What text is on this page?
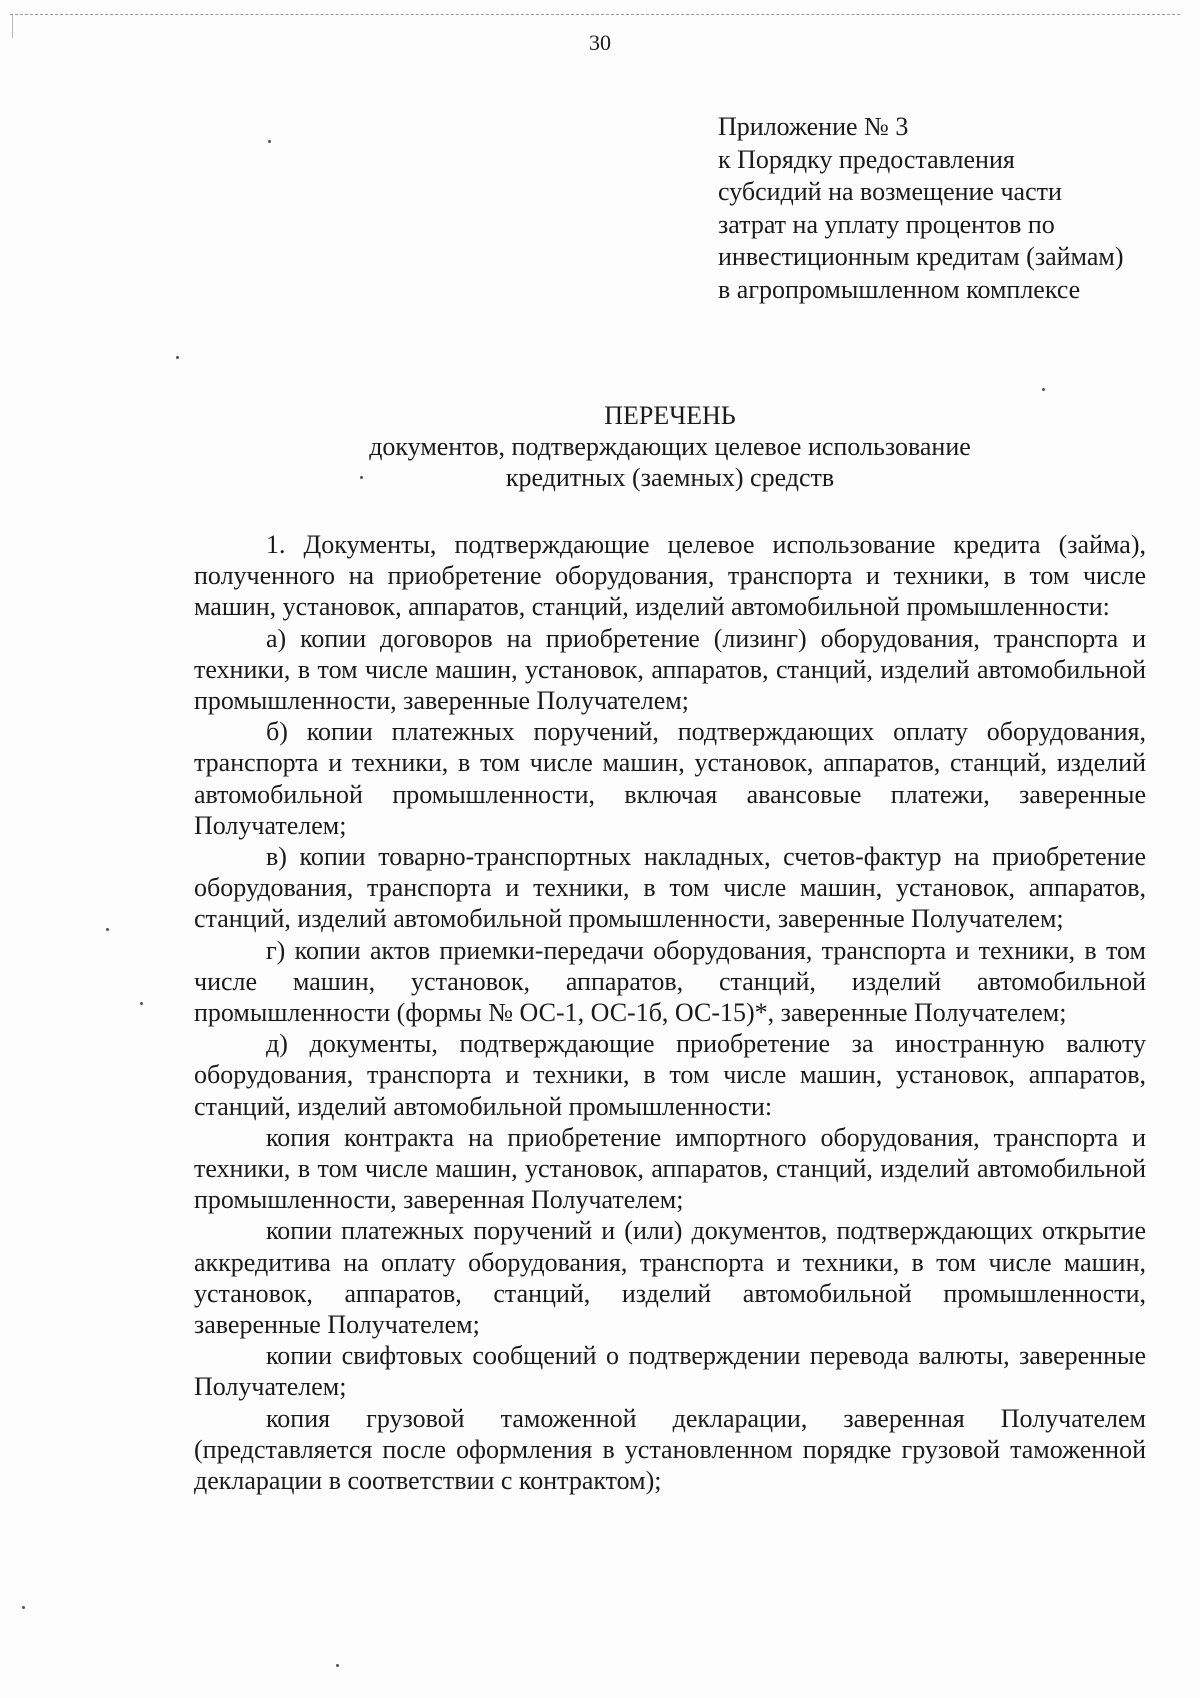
30
Приложение № 3
к Порядку предоставления
субсидий на возмещение части
затрат на уплату процентов по
инвестиционным кредитам (займам)
в агропромышленном комплексе
ПЕРЕЧЕНЬ
документов, подтверждающих целевое использование
кредитных (заемных) средств

1. Документы, подтверждающие целевое использование кредита (займа), полученного на приобретение оборудования, транспорта и техники, в том числе машин, установок, аппаратов, станций, изделий автомобильной промышленности:

а) копии договоров на приобретение (лизинг) оборудования, транспорта и техники, в том числе машин, установок, аппаратов, станций, изделий автомобильной промышленности, заверенные Получателем;

б) копии платежных поручений, подтверждающих оплату оборудования, транспорта и техники, в том числе машин, установок, аппаратов, станций, изделий автомобильной промышленности, включая авансовые платежи, заверенные Получателем;

в) копии товарно-транспортных накладных, счетов-фактур на приобретение оборудования, транспорта и техники, в том числе машин, установок, аппаратов, станций, изделий автомобильной промышленности, заверенные Получателем;

г) копии актов приемки-передачи оборудования, транспорта и техники, в том числе машин, установок, аппаратов, станций, изделий автомобильной промышленности (формы № ОС-1, ОС-1б, ОС-15)*, заверенные Получателем;

д) документы, подтверждающие приобретение за иностранную валюту оборудования, транспорта и техники, в том числе машин, установок, аппаратов, станций, изделий автомобильной промышленности:

копия контракта на приобретение импортного оборудования, транспорта и техники, в том числе машин, установок, аппаратов, станций, изделий автомобильной промышленности, заверенная Получателем;

копии платежных поручений и (или) документов, подтверждающих открытие аккредитива на оплату оборудования, транспорта и техники, в том числе машин, установок, аппаратов, станций, изделий автомобильной промышленности, заверенные Получателем;

копии свифтовых сообщений о подтверждении перевода валюты, заверенные Получателем;

копия грузовой таможенной декларации, заверенная Получателем (представляется после оформления в установленном порядке грузовой таможенной декларации в соответствии с контрактом);
